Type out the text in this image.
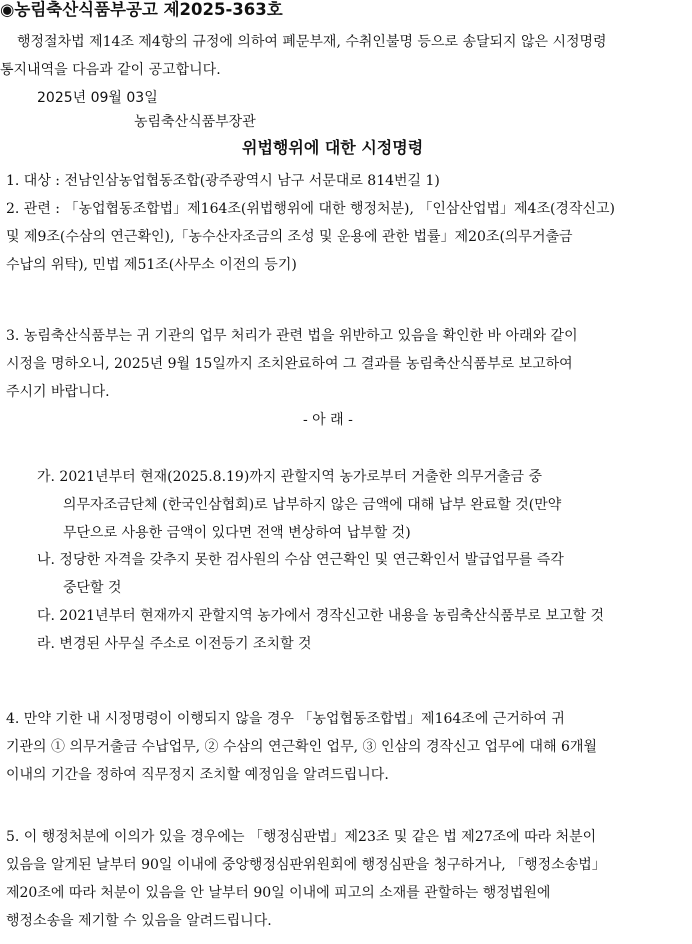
◉농림축산식품부공고 제2025-363호
행정절차법 제14조 제4항의 규정에 의하여 폐문부재, 수취인불명 등으로 송달되지 않은 시정명령
통지내역을 다음과 같이 공고합니다.
2025년 09월 03일
농림축산식품부장관
위법행위에 대한 시정명령
1. 대상 : 전남인삼농업협동조합(광주광역시 남구 서문대로 814번길 1)
2. 관련 : 「농업협동조합법」제164조(위법행위에 대한 행정처분), 「인삼산업법」제4조(경작신고)
및 제9조(수삼의 연근확인),「농수산자조금의 조성 및 운용에 관한 법률」제20조(의무거출금
수납의 위탁), 민법 제51조(사무소 이전의 등기)
3. 농림축산식품부는 귀 기관의 업무 처리가 관련 법을 위반하고 있음을 확인한 바 아래와 같이
시정을 명하오니, 2025년 9월 15일까지 조치완료하여 그 결과를 농림축산식품부로 보고하여
주시기 바랍니다.
- 아 래 -
가. 2021년부터 현재(2025.8.19)까지 관할지역 농가로부터 거출한 의무거출금 중
의무자조금단체 (한국인삼협회)로 납부하지 않은 금액에 대해 납부 완료할 것(만약
무단으로 사용한 금액이 있다면 전액 변상하여 납부할 것)
나. 정당한 자격을 갖추지 못한 검사원의 수삼 연근확인 및 연근확인서 발급업무를 즉각
중단할 것
다. 2021년부터 현재까지 관할지역 농가에서 경작신고한 내용을 농림축산식품부로 보고할 것
라. 변경된 사무실 주소로 이전등기 조치할 것
4. 만약 기한 내 시정명령이 이행되지 않을 경우 「농업협동조합법」제164조에 근거하여 귀
기관의 ① 의무거출금 수납업무, ② 수삼의 연근확인 업무, ③ 인삼의 경작신고 업무에 대해 6개월
이내의 기간을 정하여 직무정지 조치할 예정임을 알려드립니다.
5. 이 행정처분에 이의가 있을 경우에는 「행정심판법」제23조 및 같은 법 제27조에 따라 처분이
있음을 알게된 날부터 90일 이내에 중앙행정심판위원회에 행정심판을 청구하거나, 「행정소송법」
제20조에 따라 처분이 있음을 안 날부터 90일 이내에 피고의 소재를 관할하는 행정법원에
행정소송을 제기할 수 있음을 알려드립니다.
